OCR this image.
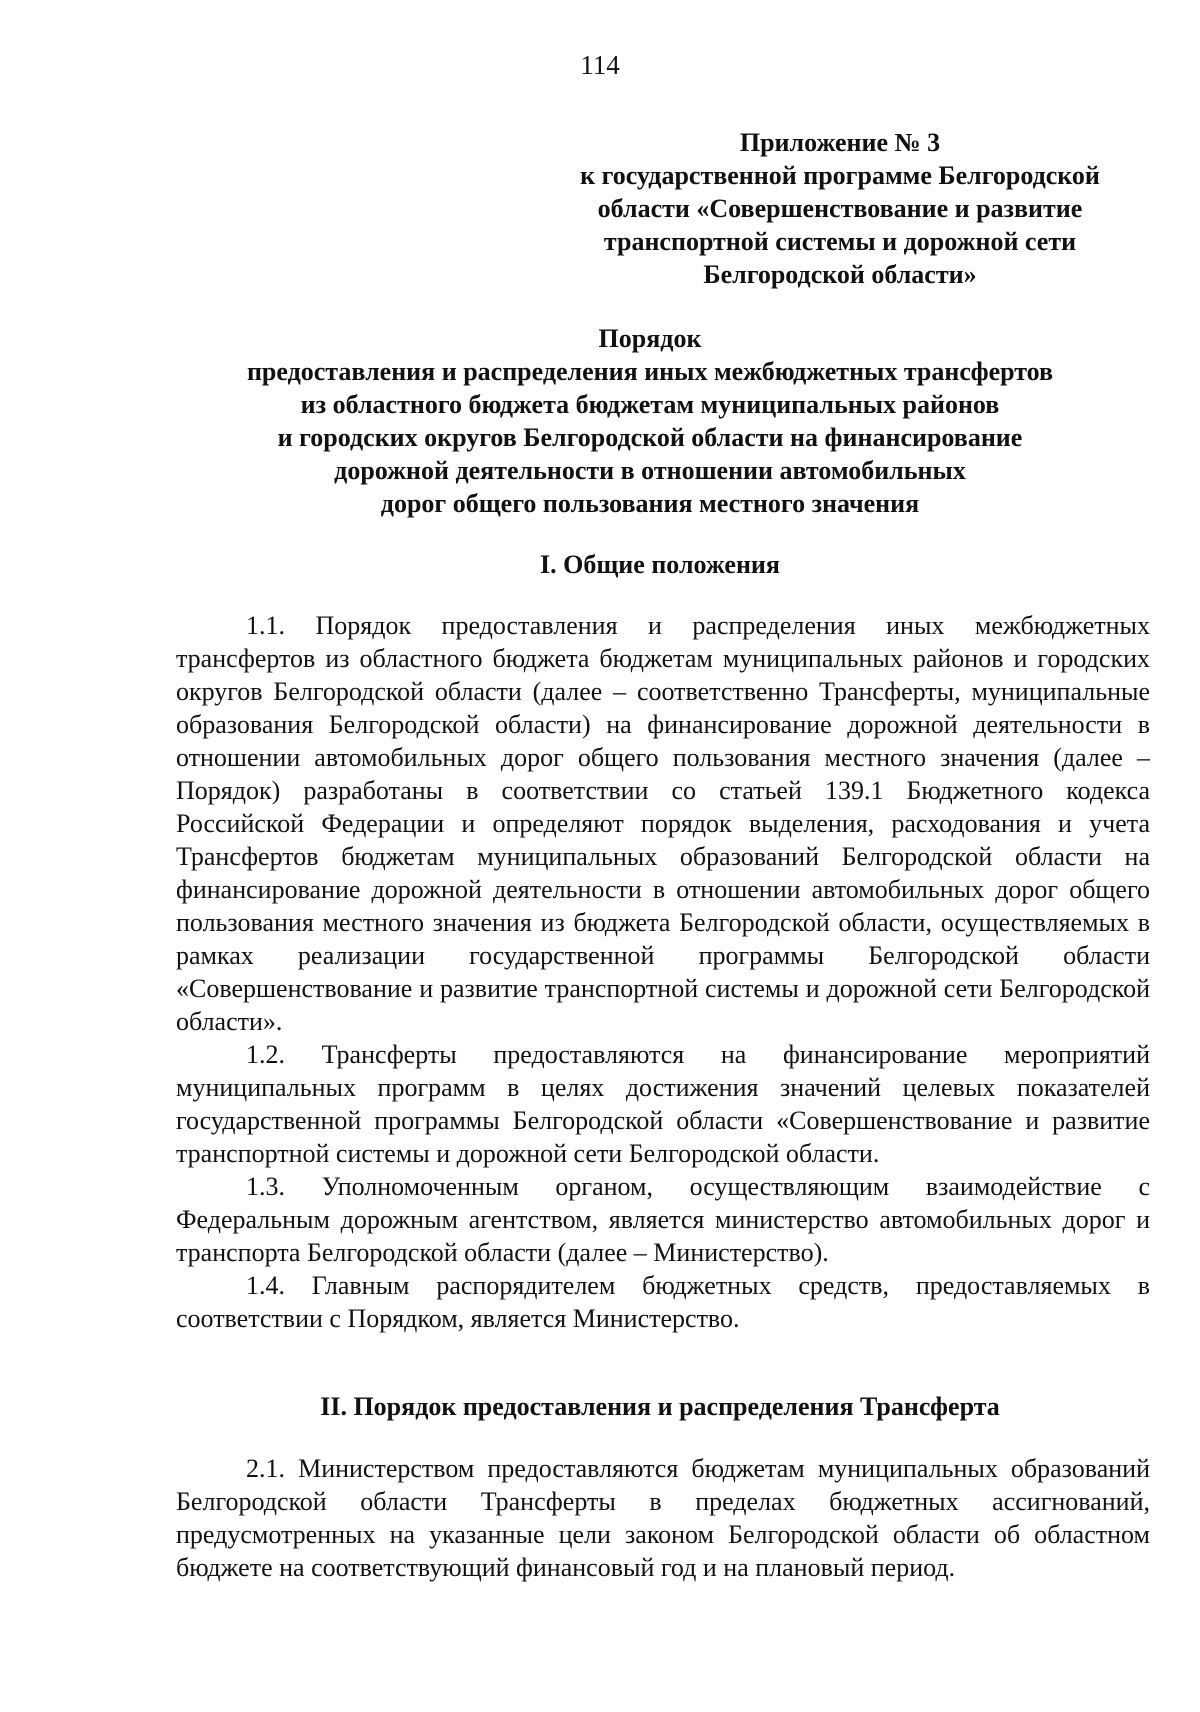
114
Приложение № 3
к государственной программе Белгородской
области «Совершенствование и развитие
транспортной системы и дорожной сети
Белгородской области»
Порядок
предоставления и распределения иных межбюджетных трансфертов
из областного бюджета бюджетам муниципальных районов
и городских округов Белгородской области на финансирование
дорожной деятельности в отношении автомобильных
дорог общего пользования местного значения
I. Общие положения

1.1. Порядок предоставления и распределения иных межбюджетных трансфертов из областного бюджета бюджетам муниципальных районов и городских округов Белгородской области (далее – соответственно Трансферты, муниципальные образования Белгородской области) на финансирование дорожной деятельности в отношении автомобильных дорог общего пользования местного значения (далее – Порядок) разработаны в соответствии со статьей 139.1 Бюджетного кодекса Российской Федерации и определяют порядок выделения, расходования и учета Трансфертов бюджетам муниципальных образований Белгородской области на финансирование дорожной деятельности в отношении автомобильных дорог общего пользования местного значения из бюджета Белгородской области, осуществляемых в рамках реализации государственной программы Белгородской области «Совершенствование и развитие транспортной системы и дорожной сети Белгородской области».

1.2. Трансферты предоставляются на финансирование мероприятий муниципальных программ в целях достижения значений целевых показателей государственной программы Белгородской области «Совершенствование и развитие транспортной системы и дорожной сети Белгородской области.

1.3. Уполномоченным органом, осуществляющим взаимодействие с Федеральным дорожным агентством, является министерство автомобильных дорог и транспорта Белгородской области (далее – Министерство).

1.4. Главным распорядителем бюджетных средств, предоставляемых в соответствии с Порядком, является Министерство.

II. Порядок предоставления и распределения Трансферта

2.1. Министерством предоставляются бюджетам муниципальных образований Белгородской области Трансферты в пределах бюджетных ассигнований, предусмотренных на указанные цели законом Белгородской области об областном бюджете на соответствующий финансовый год и на плановый период.
